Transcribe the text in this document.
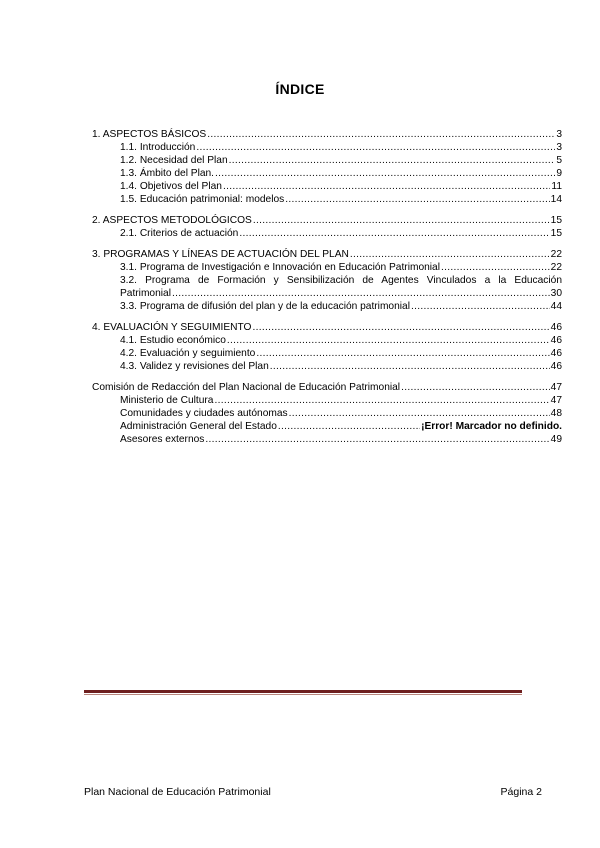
ÍNDICE
1. ASPECTOS BÁSICOS .....	3
1.1. Introducción .....	3
1.2. Necesidad del Plan .....	5
1.3. Ámbito del Plan. .....	9
1.4. Objetivos del Plan .....	11
1.5. Educación patrimonial: modelos .....	14
2. ASPECTOS METODOLÓGICOS .....	15
2.1. Criterios de actuación .....	15
3. PROGRAMAS Y LÍNEAS DE ACTUACIÓN DEL PLAN .....	22
3.1. Programa de Investigación e Innovación en Educación Patrimonial .....	22
3.2. Programa de Formación y Sensibilización de Agentes Vinculados a la Educación
Patrimonial .....	30
3.3. Programa de difusión del plan y de la educación patrimonial .....	44
4. EVALUACIÓN Y SEGUIMIENTO .....	46
4.1. Estudio económico .....	46
4.2. Evaluación y seguimiento .....	46
4.3. Validez y revisiones del Plan .....	46
Comisión de Redacción del Plan Nacional de Educación Patrimonial .....	47
Ministerio de Cultura .....	47
Comunidades y ciudades autónomas .....	48
Administración General del Estado .....	¡Error! Marcador no definido.
Asesores externos .....	49
Plan Nacional de Educación Patrimonial	Página 2
